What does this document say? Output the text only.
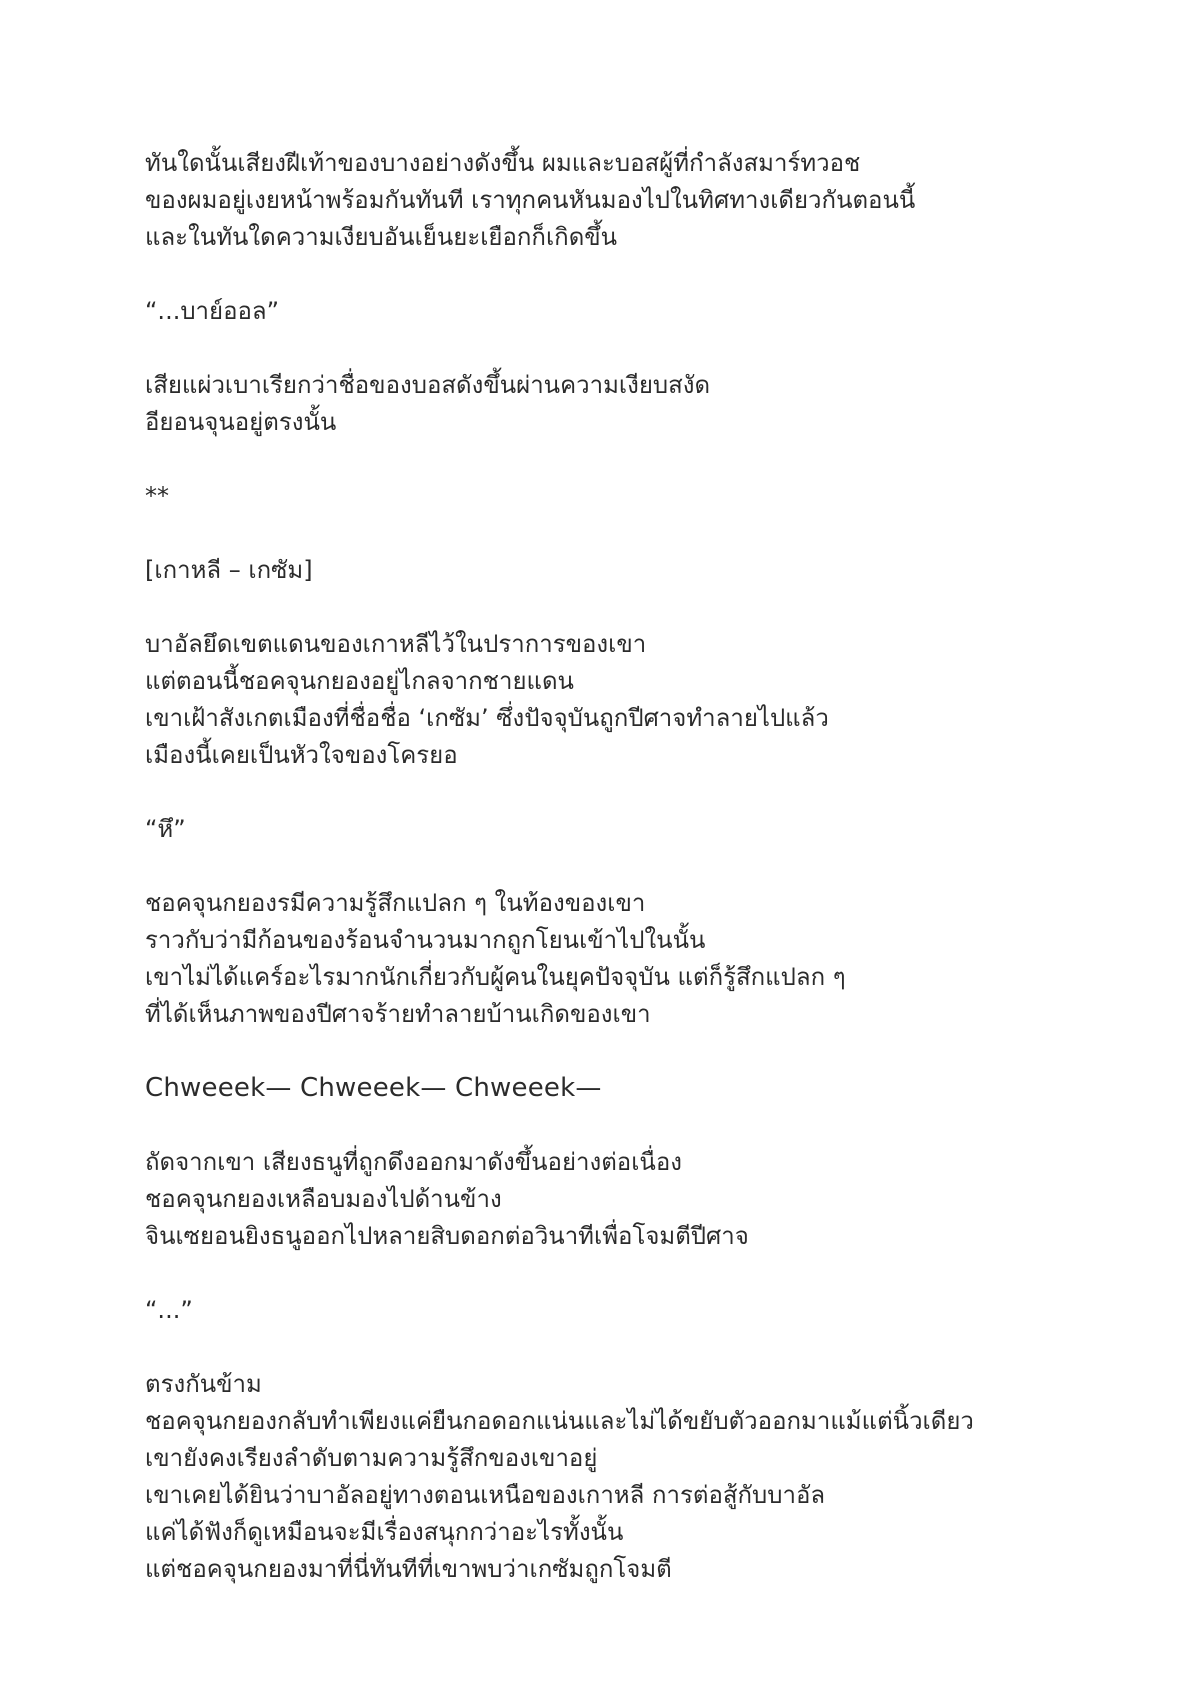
ทันใดนั้นเสียงฝีเท้าของบางอย่างดังขึ้น ผมและบอสผู้ที่กำลังสมาร์ทวอช
ของผมอยู่เงยหน้าพร้อมกันทันที เราทุกคนหันมองไปในทิศทางเดียวกันตอนนี้
และในทันใดความเงียบอันเย็นยะเยือกก็เกิดขึ้น
“...บาย์ออล”
เสียแผ่วเบาเรียกว่าชื่อของบอสดังขึ้นผ่านความเงียบสงัด
อียอนจุนอยู่ตรงนั้น
**
[เกาหลี – เกซัม]
บาอัลยึดเขตแดนของเกาหลีไว้ในปราการของเขา
แต่ตอนนี้ชอคจุนกยองอยู่ไกลจากชายแดน
เขาเฝ้าสังเกตเมืองที่ชื่อชื่อ ‘เกซัม’ ซึ่งปัจจุบันถูกปีศาจทำลายไปแล้ว
เมืองนี้เคยเป็นหัวใจของโครยอ
“หึ”
ชอคจุนกยองรมีความรู้สึกแปลก ๆ ในท้องของเขา
ราวกับว่ามีก้อนของร้อนจำนวนมากถูกโยนเข้าไปในนั้น
เขาไม่ได้แคร์อะไรมากนักเกี่ยวกับผู้คนในยุคปัจจุบัน แต่ก็รู้สึกแปลก ๆ
ที่ได้เห็นภาพของปีศาจร้ายทำลายบ้านเกิดของเขา
Chweeek— Chweeek— Chweeek—
ถัดจากเขา เสียงธนูที่ถูกดึงออกมาดังขึ้นอย่างต่อเนื่อง
ชอคจุนกยองเหลือบมองไปด้านข้าง
จินเซยอนยิงธนูออกไปหลายสิบดอกต่อวินาทีเพื่อโจมตีปีศาจ
“...”
ตรงกันข้าม
ชอคจุนกยองกลับทำเพียงแค่ยืนกอดอกแน่นและไม่ได้ขยับตัวออกมาแม้แต่นิ้วเดียว
เขายังคงเรียงลำดับตามความรู้สึกของเขาอยู่
เขาเคยได้ยินว่าบาอัลอยู่ทางตอนเหนือของเกาหลี การต่อสู้กับบาอัล
แค่ได้ฟังก็ดูเหมือนจะมีเรื่องสนุกกว่าอะไรทั้งนั้น
แต่ชอคจุนกยองมาที่นี่ทันทีที่เขาพบว่าเกซัมถูกโจมตี
